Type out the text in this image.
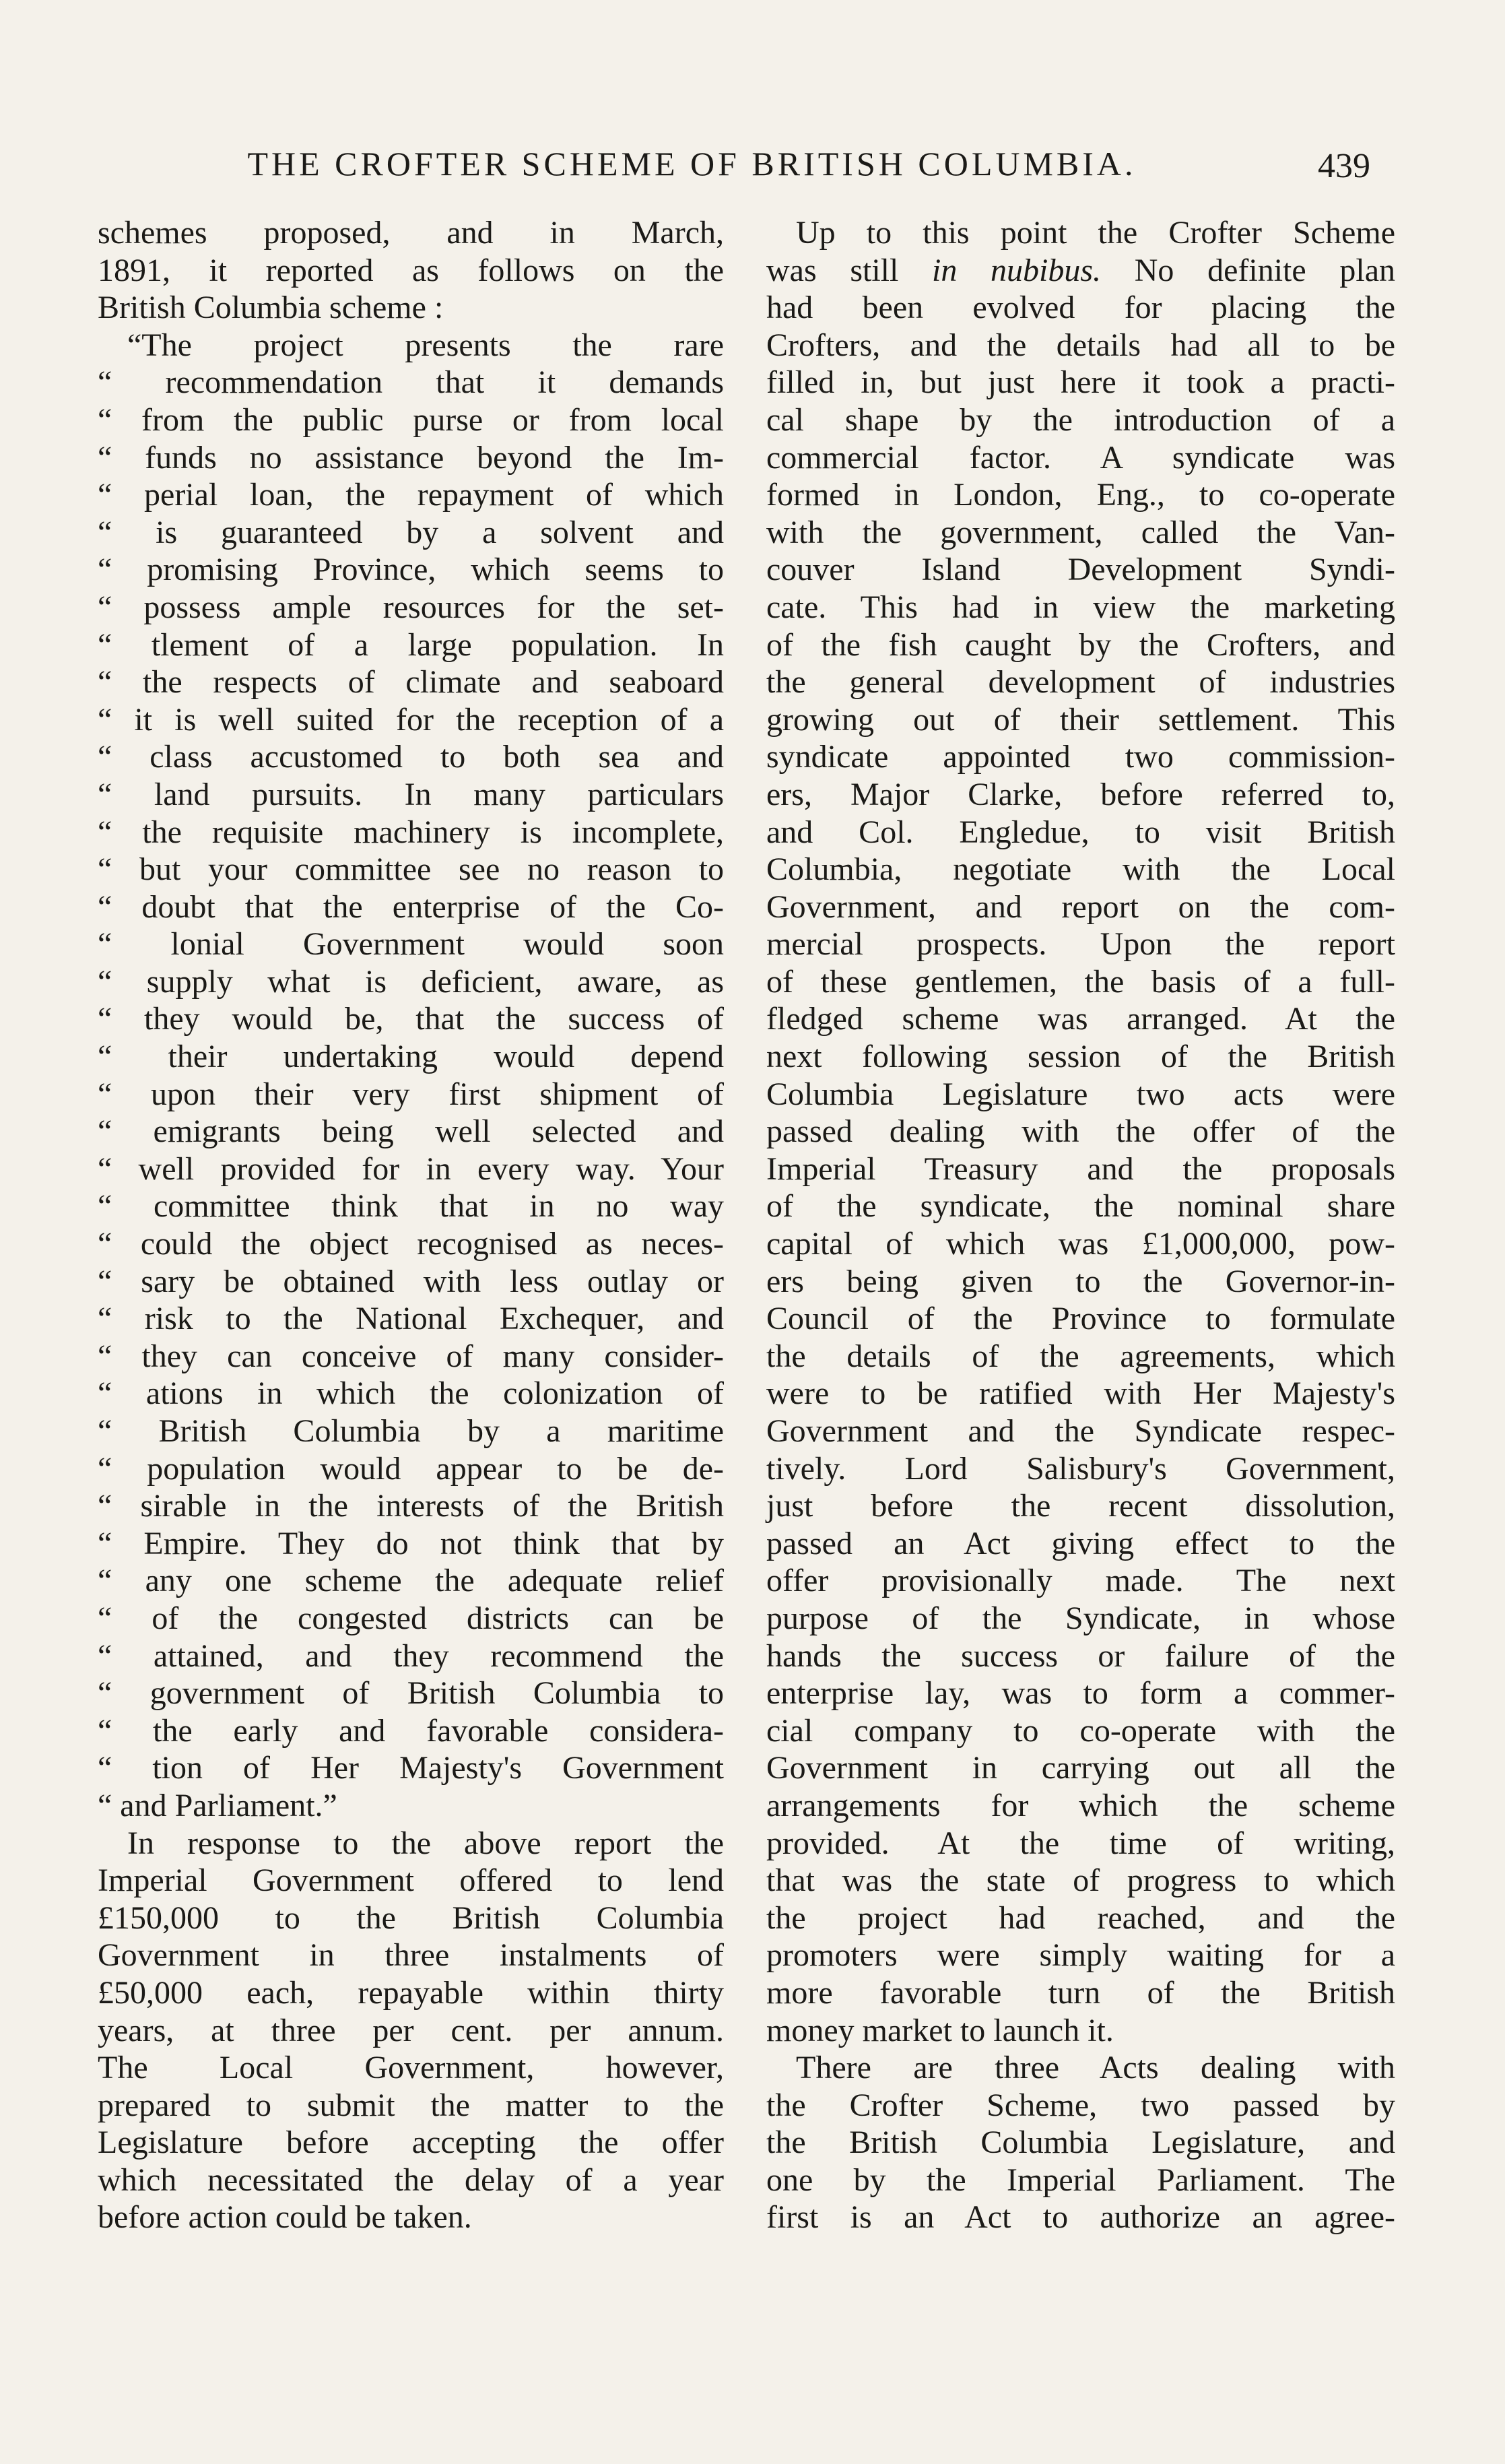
THE CROFTER SCHEME OF BRITISH COLUMBIA.	439
schemes proposed, and in March,
1891, it reported as follows on the
British Columbia scheme :
“The project presents the rare
“ recommendation that it demands
“ from the public purse or from local
“ funds no assistance beyond the Im-
“ perial loan, the repayment of which
“ is guaranteed by a solvent and
“ promising Province, which seems to
“ possess ample resources for the set-
“ tlement of a large population. In
“ the respects of climate and seaboard
“ it is well suited for the reception of a
“ class accustomed to both sea and
“ land pursuits. In many particulars
“ the requisite machinery is incomplete,
“ but your committee see no reason to
“ doubt that the enterprise of the Co-
“ lonial Government would soon
“ supply what is deficient, aware, as
“ they would be, that the success of
“ their undertaking would depend
“ upon their very first shipment of
“ emigrants being well selected and
“ well provided for in every way. Your
“ committee think that in no way
“ could the object recognised as neces-
“ sary be obtained with less outlay or
“ risk to the National Exchequer, and
“ they can conceive of many consider-
“ ations in which the colonization of
“ British Columbia by a maritime
“ population would appear to be de-
“ sirable in the interests of the British
“ Empire. They do not think that by
“ any one scheme the adequate relief
“ of the congested districts can be
“ attained, and they recommend the
“ government of British Columbia to
“ the early and favorable considera-
“ tion of Her Majesty's Government
“ and Parliament.”
In response to the above report the
Imperial Government offered to lend
£150,000 to the British Columbia
Government in three instalments of
£50,000 each, repayable within thirty
years, at three per cent. per annum.
The Local Government, however,
prepared to submit the matter to the
Legislature before accepting the offer
which necessitated the delay of a year
before action could be taken.
Up to this point the Crofter Scheme
was still in nubibus. No definite plan
had been evolved for placing the
Crofters, and the details had all to be
filled in, but just here it took a practi-
cal shape by the introduction of a
commercial factor. A syndicate was
formed in London, Eng., to co-operate
with the government, called the Van-
couver Island Development Syndi-
cate. This had in view the marketing
of the fish caught by the Crofters, and
the general development of industries
growing out of their settlement. This
syndicate appointed two commission-
ers, Major Clarke, before referred to,
and Col. Engledue, to visit British
Columbia, negotiate with the Local
Government, and report on the com-
mercial prospects. Upon the report
of these gentlemen, the basis of a full-
fledged scheme was arranged. At the
next following session of the British
Columbia Legislature two acts were
passed dealing with the offer of the
Imperial Treasury and the proposals
of the syndicate, the nominal share
capital of which was £1,000,000, pow-
ers being given to the Governor-in-
Council of the Province to formulate
the details of the agreements, which
were to be ratified with Her Majesty's
Government and the Syndicate respec-
tively. Lord Salisbury's Government,
just before the recent dissolution,
passed an Act giving effect to the
offer provisionally made. The next
purpose of the Syndicate, in whose
hands the success or failure of the
enterprise lay, was to form a commer-
cial company to co-operate with the
Government in carrying out all the
arrangements for which the scheme
provided. At the time of writing,
that was the state of progress to which
the project had reached, and the
promoters were simply waiting for a
more favorable turn of the British
money market to launch it.
There are three Acts dealing with
the Crofter Scheme, two passed by
the British Columbia Legislature, and
one by the Imperial Parliament. The
first is an Act to authorize an agree-
